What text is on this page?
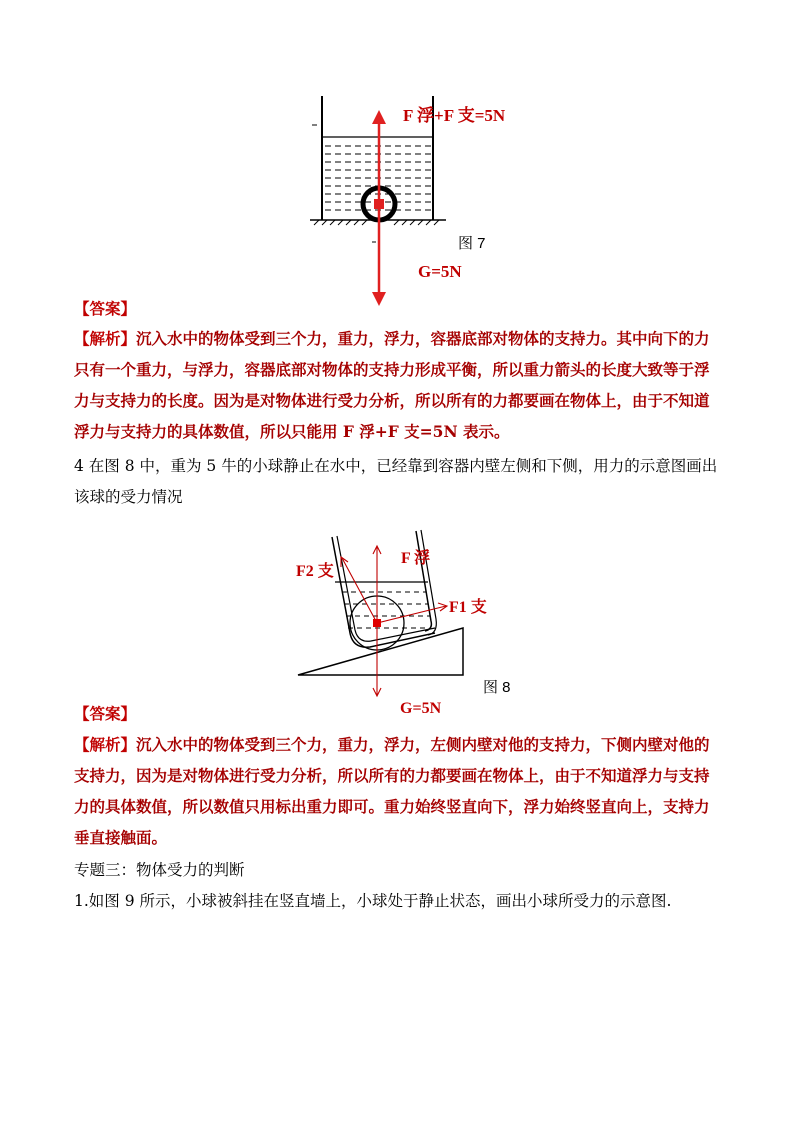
F 浮+F 支=5N
图 7
G=5N
【答案】
【解析】沉入水中的物体受到三个力，重力，浮力，容器底部对物体的支持力。其中向下的力
只有一个重力，与浮力，容器底部对物体的支持力形成平衡，所以重力箭头的长度大致等于浮
力与支持力的长度。因为是对物体进行受力分析，所以所有的力都要画在物体上，由于不知道
浮力与支持力的具体数值，所以只能用 F 浮+F 支=5N 表示。
4 在图 8 中，重为 5 牛的小球静止在水中，已经靠到容器内壁左侧和下侧，用力的示意图画出
该球的受力情况
F 浮
F2 支
F1 支
图 8
G=5N
【答案】
【解析】沉入水中的物体受到三个力，重力，浮力，左侧内壁对他的支持力，下侧内壁对他的
支持力，因为是对物体进行受力分析，所以所有的力都要画在物体上，由于不知道浮力与支持
力的具体数值，所以数值只用标出重力即可。重力始终竖直向下，浮力始终竖直向上，支持力
垂直接触面。
专题三：物体受力的判断
1.如图 9 所示，小球被斜挂在竖直墙上，小球处于静止状态，画出小球所受力的示意图.
